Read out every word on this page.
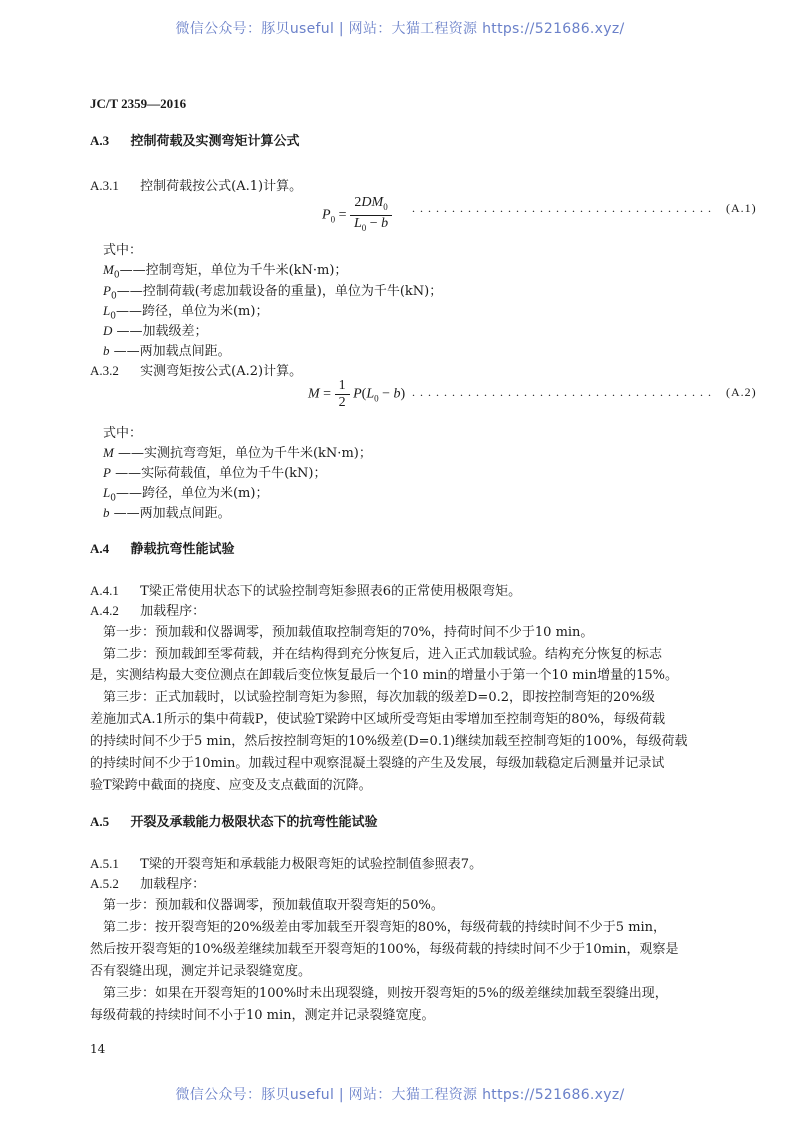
微信公众号：豚贝useful | 网站：大猫工程资源 https://521686.xyz/
JC/T 2359—2016
A.3 控制荷载及实测弯矩计算公式
A.3.1 控制荷载按公式(A.1)计算。
$P_0 = \frac{2DM_0}{L_0 - b}$ . . . . . . . . . . . . . . . . . . . . . . . . . . . . . . . . . . . . . . (A.1)
式中：
$M_0——$控制弯矩，单位为千牛米(kN·m)；
$P_0——$控制荷载(考虑加载设备的重量)，单位为千牛(kN)；
$L_0——$跨径，单位为米(m)；
D ——加载级差；
b ——两加载点间距。
A.3.2 实测弯矩按公式(A.2)计算。
$M = \frac{1}{2} P(L_0 - b)$ . . . . . . . . . . . . . . . . . . . . . . . . . . . . . . . . . . . . . . (A.2)
式中：
M ——实测抗弯弯矩，单位为千牛米(kN·m)；
P ——实际荷载值，单位为千牛(kN)；
$L_0——$跨径，单位为米(m)；
b ——两加载点间距。
A.4 静载抗弯性能试验
A.4.1 T梁正常使用状态下的试验控制弯矩参照表6的正常使用极限弯矩。
A.4.2 加载程序：
第一步：预加载和仪器调零，预加载值取控制弯矩的70%，持荷时间不少于10 min。
第二步：预加载卸至零荷载，并在结构得到充分恢复后，进入正式加载试验。结构充分恢复的标志
是，实测结构最大变位测点在卸载后变位恢复最后一个10 min的增量小于第一个10 min增量的15%。
第三步：正式加载时，以试验控制弯矩为参照，每次加载的级差D=0.2，即按控制弯矩的20%级
差施加式A.1所示的集中荷载P，使试验T梁跨中区域所受弯矩由零增加至控制弯矩的80%，每级荷载
的持续时间不少于5 min，然后按控制弯矩的10%级差(D=0.1)继续加载至控制弯矩的100%，每级荷载
的持续时间不少于10min。加载过程中观察混凝土裂缝的产生及发展，每级加载稳定后测量并记录试
验T梁跨中截面的挠度、应变及支点截面的沉降。
A.5 开裂及承载能力极限状态下的抗弯性能试验
A.5.1 T梁的开裂弯矩和承载能力极限弯矩的试验控制值参照表7。
A.5.2 加载程序：
第一步：预加载和仪器调零，预加载值取开裂弯矩的50%。
第二步：按开裂弯矩的20%级差由零加载至开裂弯矩的80%，每级荷载的持续时间不少于5 min，
然后按开裂弯矩的10%级差继续加载至开裂弯矩的100%，每级荷载的持续时间不少于10min，观察是
否有裂缝出现，测定并记录裂缝宽度。
第三步：如果在开裂弯矩的100%时未出现裂缝，则按开裂弯矩的5%的级差继续加载至裂缝出现，
每级荷载的持续时间不小于10 min，测定并记录裂缝宽度。
14
微信公众号：豚贝useful | 网站：大猫工程资源 https://521686.xyz/
